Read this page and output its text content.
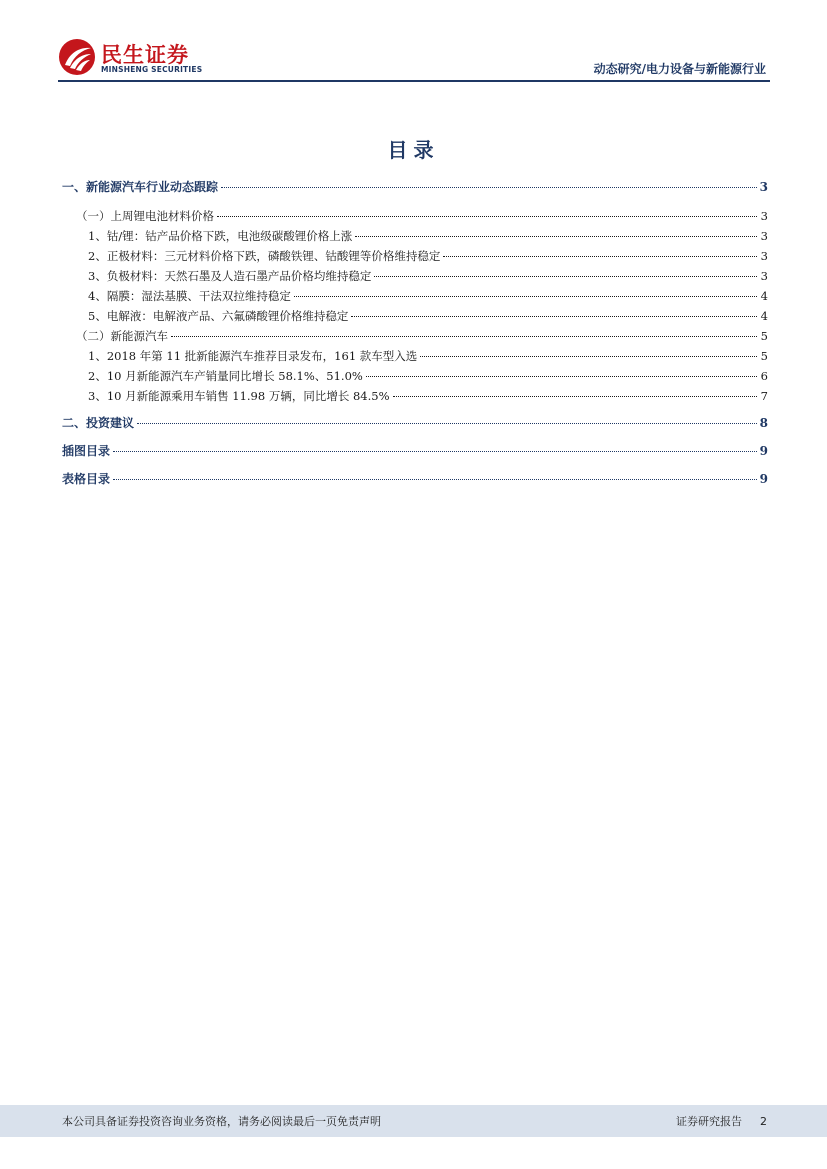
民生证券
MINSHENG SECURITIES	动态研究/电力设备与新能源行业
目录
一、新能源汽车行业动态跟踪	3
（一）上周锂电池材料价格	3
1、钴/锂：钴产品价格下跌，电池级碳酸锂价格上涨	3
2、正极材料：三元材料价格下跌，磷酸铁锂、钴酸锂等价格维持稳定	3
3、负极材料：天然石墨及人造石墨产品价格均维持稳定	3
4、隔膜：湿法基膜、干法双拉维持稳定	4
5、电解液：电解液产品、六氟磷酸锂价格维持稳定	4
（二）新能源汽车	5
1、2018 年第 11 批新能源汽车推荐目录发布，161 款车型入选	5
2、10 月新能源汽车产销量同比增长 58.1%、51.0%	6
3、10 月新能源乘用车销售 11.98 万辆，同比增长 84.5%	7
二、投资建议	8
插图目录	9
表格目录	9
本公司具备证券投资咨询业务资格，请务必阅读最后一页免责声明	证券研究报告 2
